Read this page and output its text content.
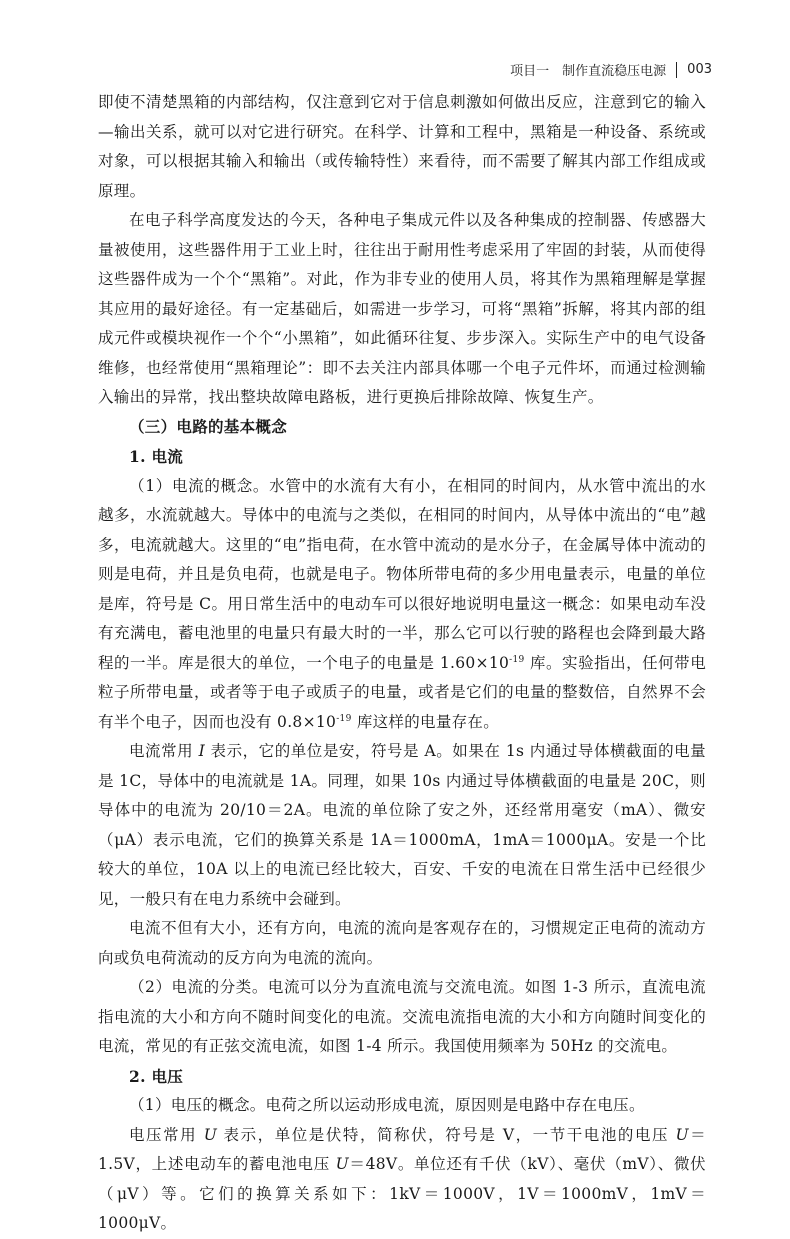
项目一　制作直流稳压电源 003

即使不清楚黑箱的内部结构，仅注意到它对于信息刺激如何做出反应，注意到它的输入—输出关系，就可以对它进行研究。在科学、计算和工程中，黑箱是一种设备、系统或对象，可以根据其输入和输出（或传输特性）来看待，而不需要了解其内部工作组成或原理。

在电子科学高度发达的今天，各种电子集成元件以及各种集成的控制器、传感器大量被使用，这些器件用于工业上时，往往出于耐用性考虑采用了牢固的封装，从而使得这些器件成为一个个“黑箱”。对此，作为非专业的使用人员，将其作为黑箱理解是掌握其应用的最好途径。有一定基础后，如需进一步学习，可将“黑箱”拆解，将其内部的组成元件或模块视作一个个“小黑箱”，如此循环往复、步步深入。实际生产中的电气设备维修，也经常使用“黑箱理论”：即不去关注内部具体哪一个电子元件坏，而通过检测输入输出的异常，找出整块故障电路板，进行更换后排除故障、恢复生产。

（三）电路的基本概念

1. 电流

（1）电流的概念。水管中的水流有大有小，在相同的时间内，从水管中流出的水越多，水流就越大。导体中的电流与之类似，在相同的时间内，从导体中流出的“电”越多，电流就越大。这里的“电”指电荷，在水管中流动的是水分子，在金属导体中流动的则是电荷，并且是负电荷，也就是电子。物体所带电荷的多少用电量表示，电量的单位是库，符号是 C。用日常生活中的电动车可以很好地说明电量这一概念：如果电动车没有充满电，蓄电池里的电量只有最大时的一半，那么它可以行驶的路程也会降到最大路程的一半。库是很大的单位，一个电子的电量是 $1.60\times 10^{-19}$ 库。实验指出，任何带电粒子所带电量，或者等于电子或质子的电量，或者是它们的电量的整数倍，自然界不会有半个电子，因而也没有 $0.8\times 10^{-19}$ 库这样的电量存在。

电流常用 I 表示，它的单位是安，符号是 A。如果在 1s 内通过导体横截面的电量是 1C，导体中的电流就是 1A。同理，如果 10s 内通过导体横截面的电量是 20C，则导体中的电流为 20/10＝2A。电流的单位除了安之外，还经常用毫安（mA）、微安（μA）表示电流，它们的换算关系是 1A＝1000mA，1mA＝1000μA。安是一个比较大的单位，10A 以上的电流已经比较大，百安、千安的电流在日常生活中已经很少见，一般只有在电力系统中会碰到。

电流不但有大小，还有方向，电流的流向是客观存在的，习惯规定正电荷的流动方向或负电荷流动的反方向为电流的流向。

（2）电流的分类。电流可以分为直流电流与交流电流。如图 1-3 所示，直流电流指电流的大小和方向不随时间变化的电流。交流电流指电流的大小和方向随时间变化的电流，常见的有正弦交流电流，如图 1-4 所示。我国使用频率为 50Hz 的交流电。

2. 电压

（1）电压的概念。电荷之所以运动形成电流，原因则是电路中存在电压。

电压常用 U 表示，单位是伏特，简称伏，符号是 V，一节干电池的电压 U＝1.5V，上述电动车的蓄电池电压 U＝48V。单位还有千伏（kV）、毫伏（mV）、微伏（μV）等。它们的换算关系如下：1kV＝1000V，1V＝1000mV，1mV＝1000μV。
